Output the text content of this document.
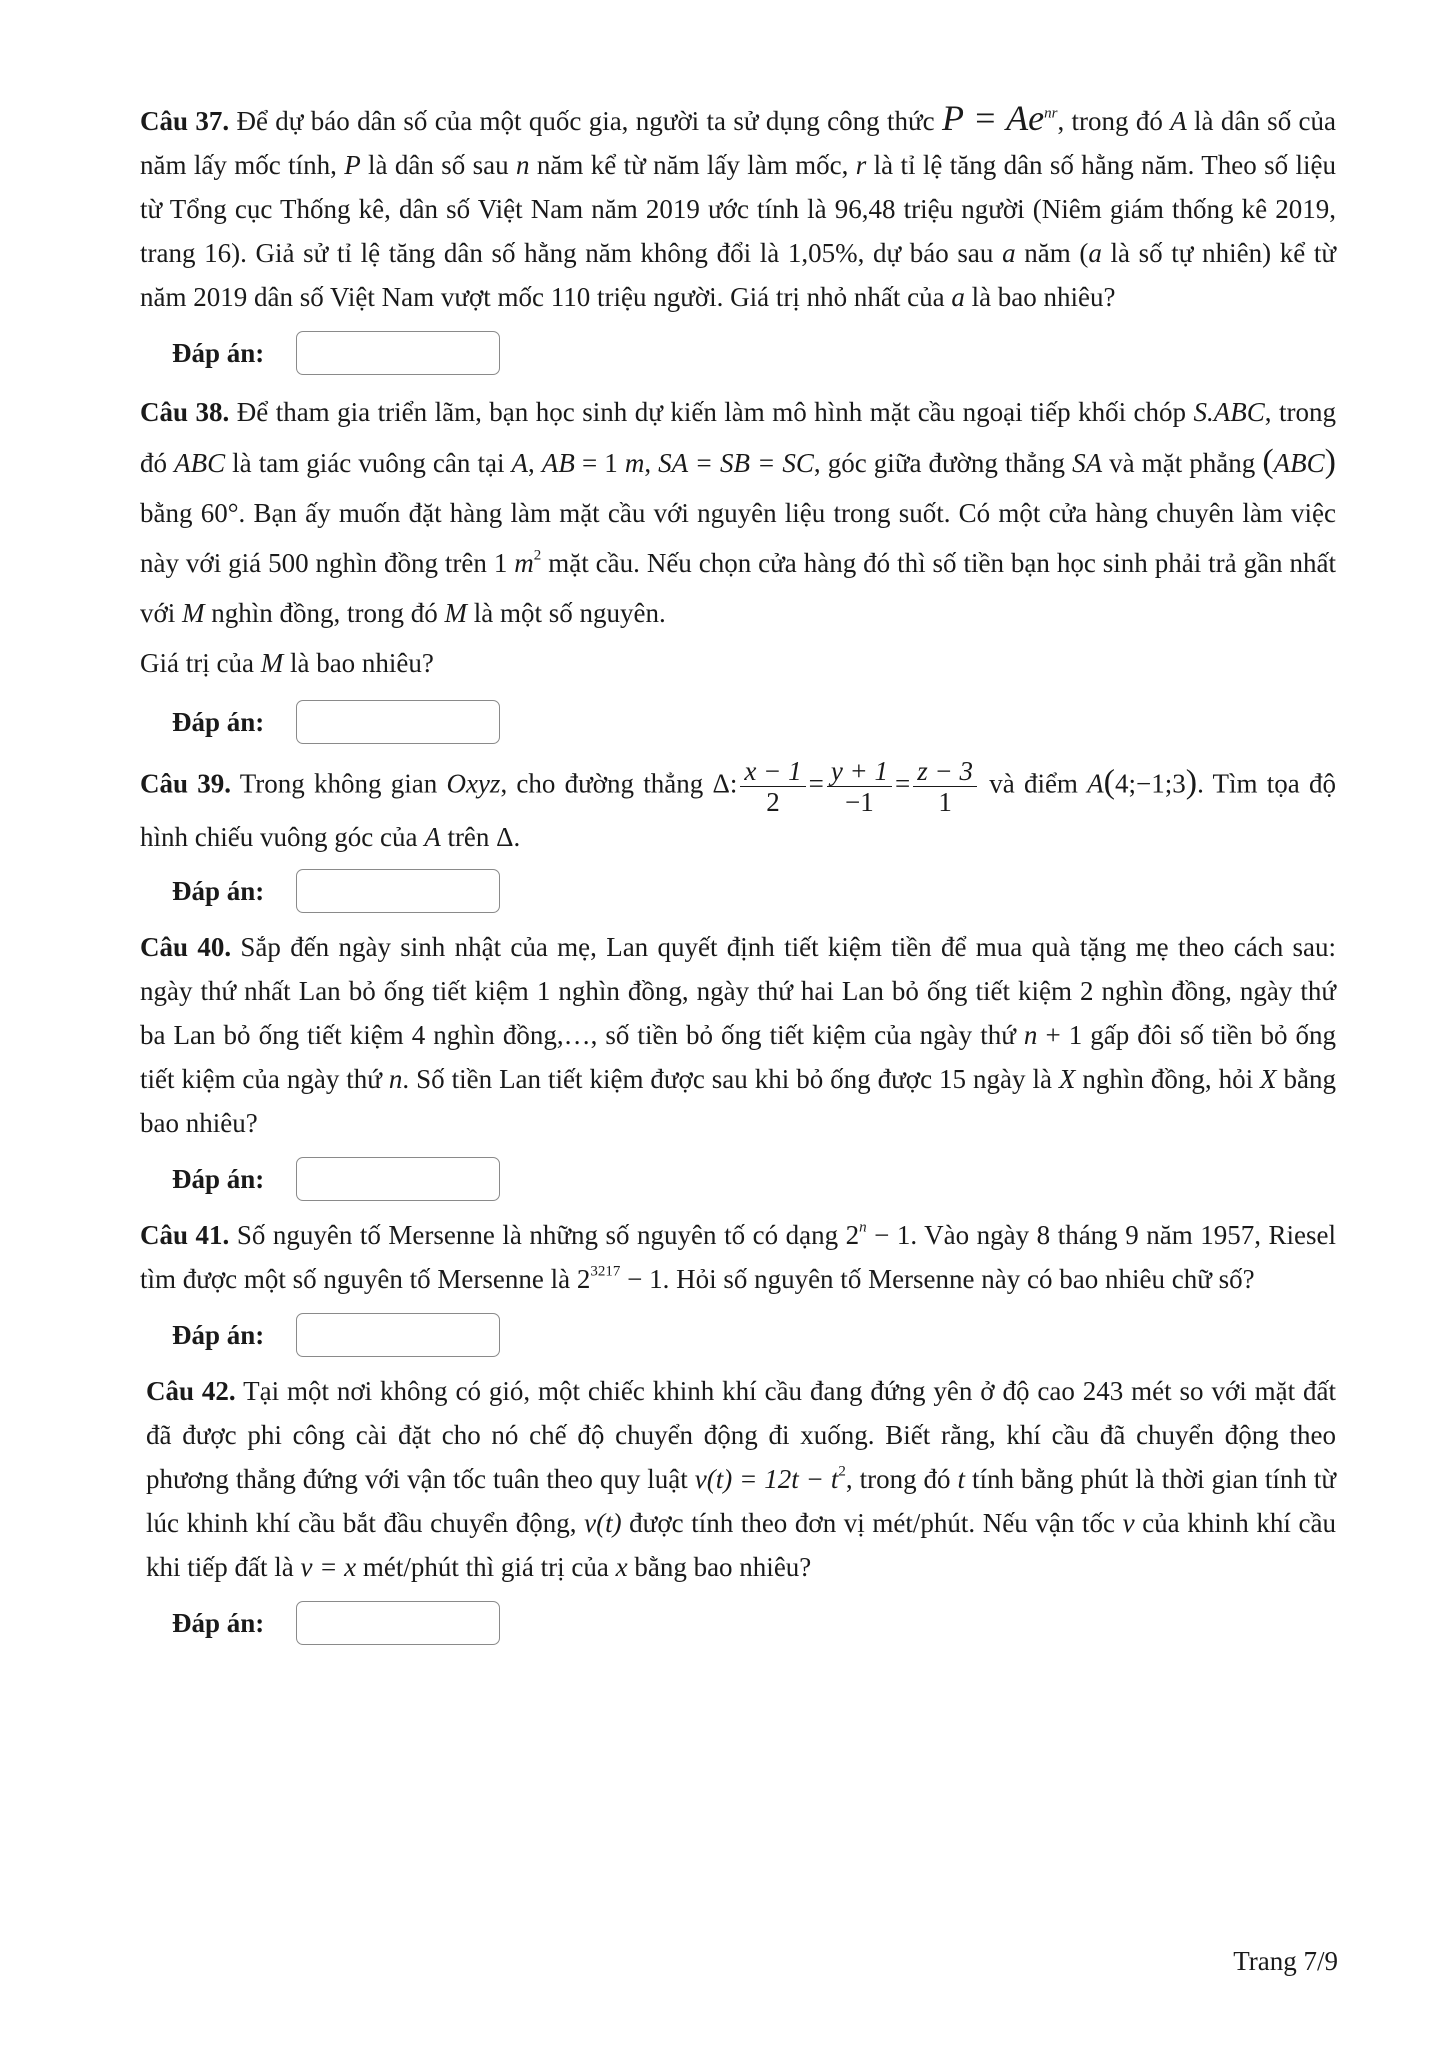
Câu 37. Để dự báo dân số của một quốc gia, người ta sử dụng công thức $P = Ae^{nr}$, trong đó A là dân số của năm lấy mốc tính, P là dân số sau n năm kể từ năm lấy làm mốc, r là tỉ lệ tăng dân số hằng năm. Theo số liệu từ Tổng cục Thống kê, dân số Việt Nam năm 2019 ước tính là 96,48 triệu người (Niêm giám thống kê 2019, trang 16). Giả sử tỉ lệ tăng dân số hằng năm không đổi là 1,05%, dự báo sau a năm (a là số tự nhiên) kể từ năm 2019 dân số Việt Nam vượt mốc 110 triệu người. Giá trị nhỏ nhất của a là bao nhiêu?

Đáp án:

Câu 38. Để tham gia triển lãm, bạn học sinh dự kiến làm mô hình mặt cầu ngoại tiếp khối chóp S.ABC, trong đó ABC là tam giác vuông cân tại A, AB = 1 m, SA = SB = SC, góc giữa đường thẳng SA và mặt phẳng (ABC) bằng 60°. Bạn ấy muốn đặt hàng làm mặt cầu với nguyên liệu trong suốt. Có một cửa hàng chuyên làm việc này với giá 500 nghìn đồng trên 1 $m^2$ mặt cầu. Nếu chọn cửa hàng đó thì số tiền bạn học sinh phải trả gần nhất với M nghìn đồng, trong đó M là một số nguyên.

Giá trị của M là bao nhiêu?

Đáp án:

Câu 39. Trong không gian Oxyz, cho đường thẳng Δ: $\frac{x - 1}{2} = \frac{y + 1}{-1} = \frac{z - 3}{1}$ và điểm A(4;−1;3). Tìm tọa độ hình chiếu vuông góc của A trên Δ.

Đáp án:

Câu 40. Sắp đến ngày sinh nhật của mẹ, Lan quyết định tiết kiệm tiền để mua quà tặng mẹ theo cách sau: ngày thứ nhất Lan bỏ ống tiết kiệm 1 nghìn đồng, ngày thứ hai Lan bỏ ống tiết kiệm 2 nghìn đồng, ngày thứ ba Lan bỏ ống tiết kiệm 4 nghìn đồng,…, số tiền bỏ ống tiết kiệm của ngày thứ n + 1 gấp đôi số tiền bỏ ống tiết kiệm của ngày thứ n. Số tiền Lan tiết kiệm được sau khi bỏ ống được 15 ngày là X nghìn đồng, hỏi X bằng bao nhiêu?

Đáp án:

Câu 41. Số nguyên tố Mersenne là những số nguyên tố có dạng $2^n - 1$. Vào ngày 8 tháng 9 năm 1957, Riesel tìm được một số nguyên tố Mersenne là $2^{3217} - 1$. Hỏi số nguyên tố Mersenne này có bao nhiêu chữ số?

Đáp án:

Câu 42. Tại một nơi không có gió, một chiếc khinh khí cầu đang đứng yên ở độ cao 243 mét so với mặt đất đã được phi công cài đặt cho nó chế độ chuyển động đi xuống. Biết rằng, khí cầu đã chuyển động theo phương thẳng đứng với vận tốc tuân theo quy luật $v(t) = 12t - t^2$, trong đó t tính bằng phút là thời gian tính từ lúc khinh khí cầu bắt đầu chuyển động, v(t) được tính theo đơn vị mét/phút. Nếu vận tốc v của khinh khí cầu khi tiếp đất là v = x mét/phút thì giá trị của x bằng bao nhiêu?

Đáp án:
Trang 7/9
